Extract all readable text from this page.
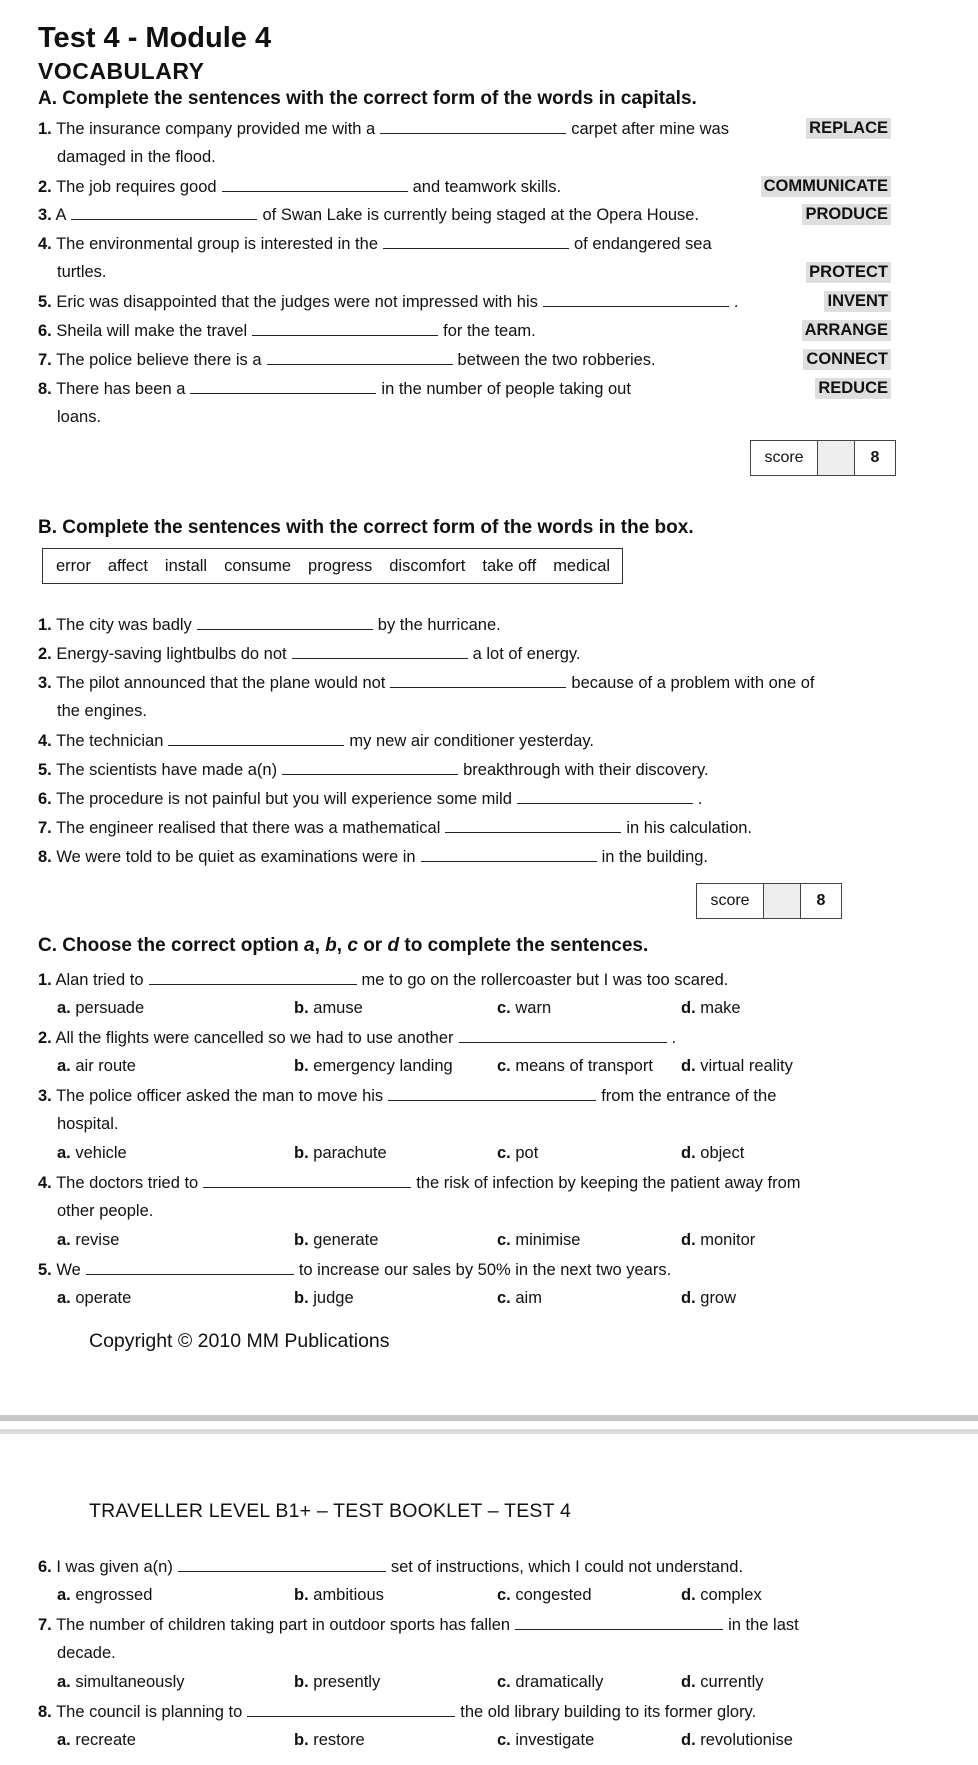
Test 4 - Module 4
VOCABULARY
A. Complete the sentences with the correct form of the words in capitals.
1. The insurance company provided me with a	carpet after mine was
damaged in the flood.
REPLACE
2. The job requires good	and teamwork skills.	COMMUNICATE
3. A	of Swan Lake is currently being staged at the Opera House.	PRODUCE
4. The environmental group is interested in the	of endangered sea
turtles.	PROTECT
5. Eric was disappointed that the judges were not impressed with his	.	INVENT
6. Sheila will make the travel	for the team.	ARRANGE
7. The police believe there is a	between the two robberies.	CONNECT
8. There has been a	in the number of people taking out
loans.
REDUCE
score	8
B. Complete the sentences with the correct form of the words in the box.
error affect install consume progress discomfort take off medical
1. The city was badly	by the hurricane.
2. Energy-saving lightbulbs do not	a lot of energy.
3. The pilot announced that the plane would not	because of a problem with one of
the engines.
4. The technician	my new air conditioner yesterday.
5. The scientists have made a(n)	breakthrough with their discovery.
6. The procedure is not painful but you will experience some mild	.
7. The engineer realised that there was a mathematical	in his calculation.
8. We were told to be quiet as examinations were in	in the building.
score	8
C. Choose the correct option a, b, c or d to complete the sentences.
1. Alan tried to	me to go on the rollercoaster but I was too scared.
a. persuade	b. amuse	c. warn	d. make
2. All the flights were cancelled so we had to use another	.
a. air route	b. emergency landing	c. means of transport d. virtual reality
3. The police officer asked the man to move his	from the entrance of the
hospital.
a. vehicle	b. parachute	c. pot	d. object
4. The doctors tried to	the risk of infection by keeping the patient away from
other people.
a. revise	b. generate	c. minimise	d. monitor
5. We	to increase our sales by 50% in the next two years.
a. operate	b. judge	c. aim	d. grow
Copyright © 2010 MM Publications
TRAVELLER LEVEL B1+ – TEST BOOKLET – TEST 4
6. I was given a(n)	set of instructions, which I could not understand.
a. engrossed	b. ambitious	c. congested	d. complex
7. The number of children taking part in outdoor sports has fallen	in the last
decade.
a. simultaneously	b. presently	c. dramatically	d. currently
8. The council is planning to	the old library building to its former glory.
a. recreate	b. restore	c. investigate	d. revolutionise
